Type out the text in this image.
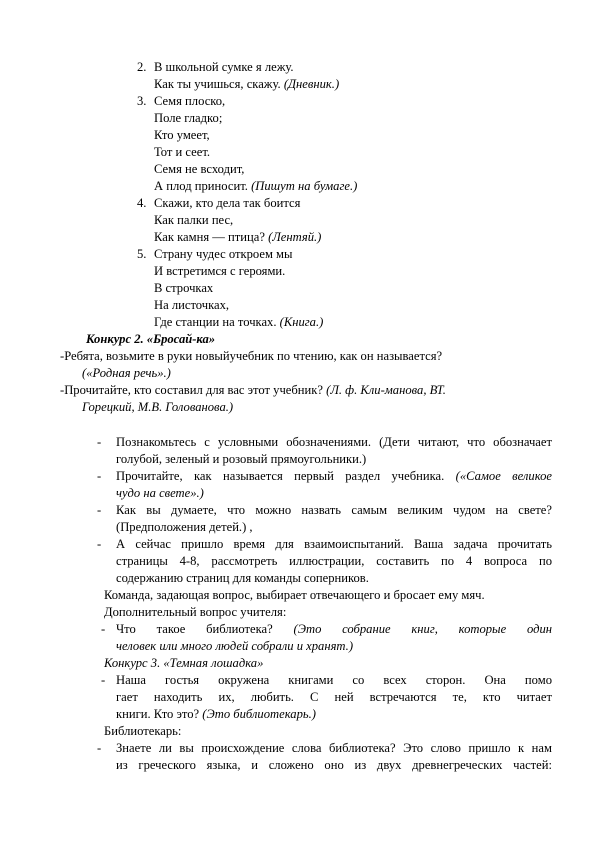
2. В школьной сумке я лежу.
Как ты учишься, скажу. (Дневник.)
3. Семя плоско,
Поле гладко;
Кто умеет,
Тот и сеет.
Семя не всходит,
А плод приносит. (Пишут на бумаге.)
4. Скажи, кто дела так боится
Как палки пес,
Как камня — птица? (Лентяй.)
5. Страну чудес откроем мы
И встретимся с героями.
В строчках
На листочках,
Где станции на точках. (Книга.)
Конкурс 2. «Бросай-ка»
-Ребята, возьмите в руки новыйучебник по чтению, как он называется?
(«Родная речь».)
-Прочитайте, кто составил для вас этот учебник? (Л. ф. Кли-манова, ВТ.
Горецкий, М.В. Голованова.)
- Познакомьтесь с условными обозначениями. (Дети читают, что обозначает
голубой, зеленый и розовый прямоугольники.)
- Прочитайте, как называется первый раздел учебника. («Самое великое
чудо на свете».)
- Как вы думаете, что можно назвать самым великим чудом на свете?
(Предположения детей.) ,
- А сейчас пришло время для взаимоиспытаний. Ваша задача прочитать
страницы 4-8, рассмотреть иллюстрации, составить по 4 вопроса по
содержанию страниц для команды соперников.
Команда, задающая вопрос, выбирает отвечающего и бросает ему мяч.
Дополнительный вопрос учителя:
- Что такое библиотека? (Это собрание книг, которые один
человек или много людей собрали и хранят.)
Конкурс 3. «Темная лошадка»
- Наша гостья окружена книгами со всех сторон. Она помо
гает находить их, любить. С ней встречаются те, кто читает
книги. Кто это? (Это библиотекарь.)
Библиотекарь:
- Знаете ли вы происхождение слова библиотека? Это слово пришло к нам
из греческого языка, и сложено оно из двух древнегреческих частей:
